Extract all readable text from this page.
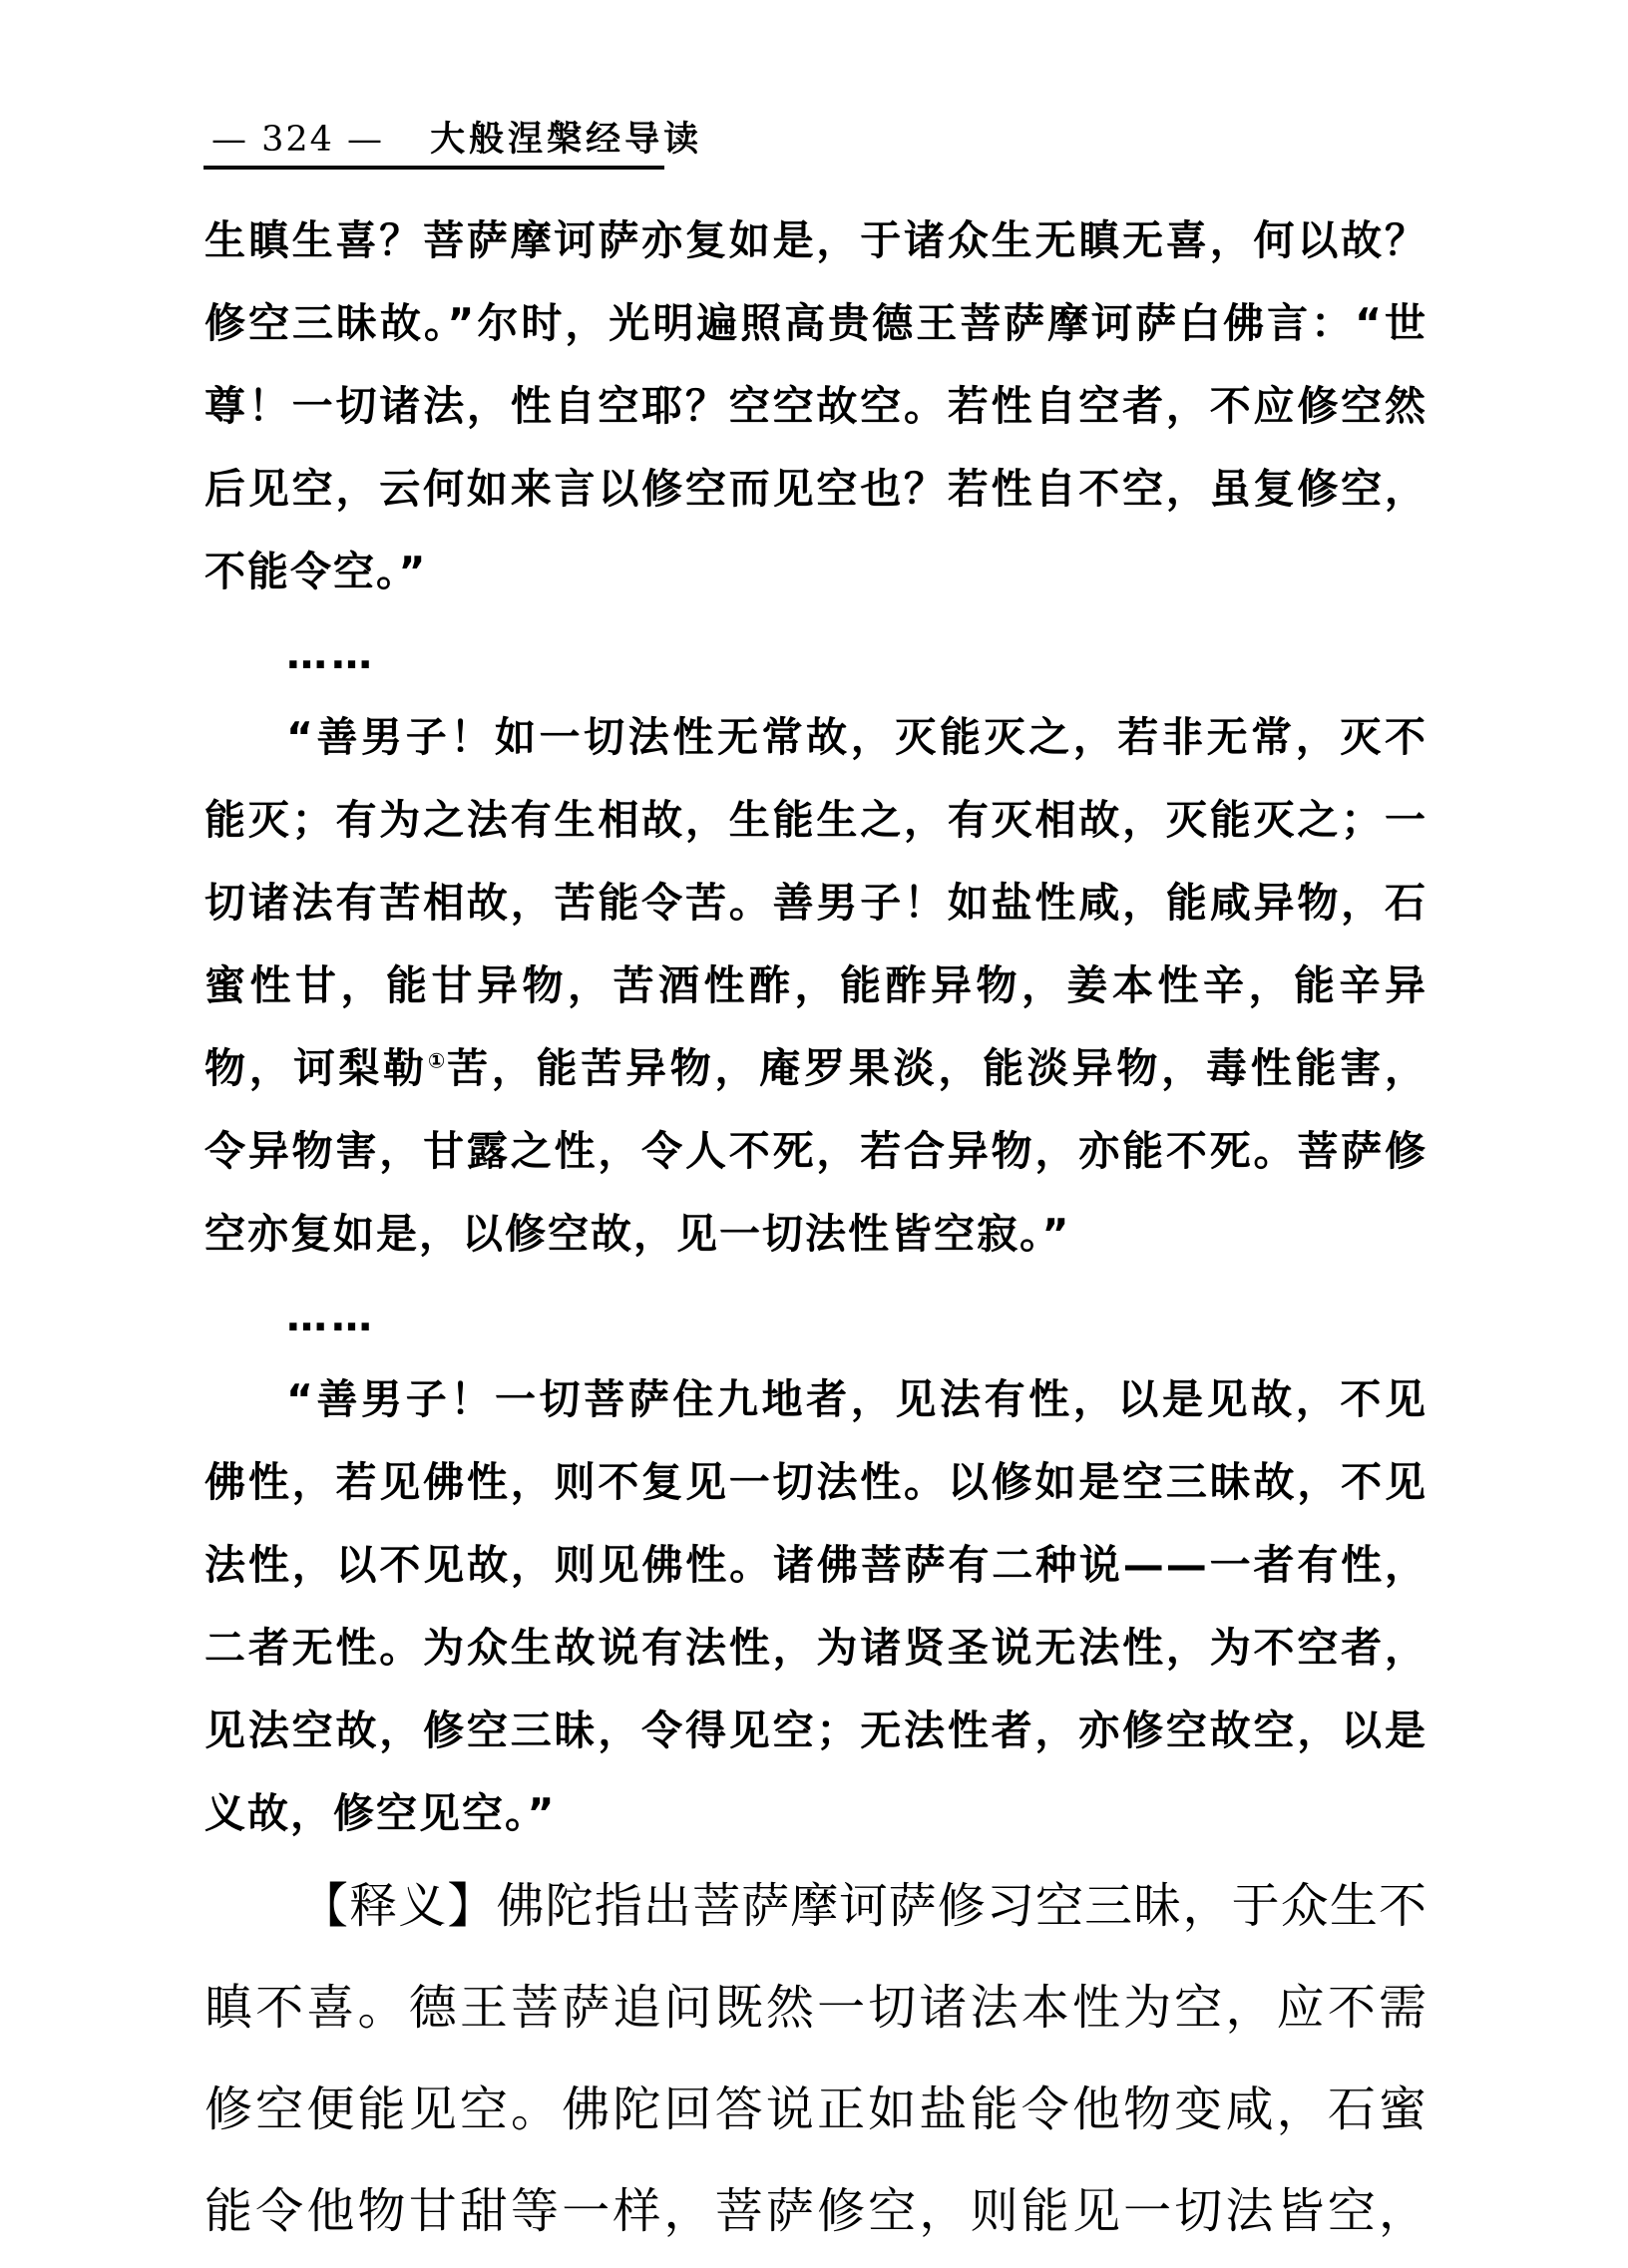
— 324 — 大般涅槃经导读
生瞋生喜？菩萨摩诃萨亦复如是，于诸众生无瞋无喜，何以故？
修空三昧故。”尔时，光明遍照高贵德王菩萨摩诃萨白佛言：“世
尊！一切诸法，性自空耶？空空故空。若性自空者，不应修空然
后见空，云何如来言以修空而见空也？若性自不空，虽复修空，
不能令空。”
……
“善男子！如一切法性无常故，灭能灭之，若非无常，灭不
能灭；有为之法有生相故，生能生之，有灭相故，灭能灭之；一
切诸法有苦相故，苦能令苦。善男子！如盐性咸，能咸异物，石
蜜性甘，能甘异物，苦酒性酢，能酢异物，姜本性辛，能辛异
物，诃梨勒①苦，能苦异物，庵罗果淡，能淡异物，毒性能害，
令异物害，甘露之性，令人不死，若合异物，亦能不死。菩萨修
空亦复如是，以修空故，见一切法性皆空寂。”
……
“善男子！一切菩萨住九地者，见法有性，以是见故，不见
佛性，若见佛性，则不复见一切法性。以修如是空三昧故，不见
法性，以不见故，则见佛性。诸佛菩萨有二种说——一者有性，
二者无性。为众生故说有法性，为诸贤圣说无法性，为不空者，
见法空故，修空三昧，令得见空；无法性者，亦修空故空，以是
义故，修空见空。”
【释义】佛陀指出菩萨摩诃萨修习空三昧，于众生不
瞋不喜。德王菩萨追问既然一切诸法本性为空，应不需
修空便能见空。佛陀回答说正如盐能令他物变咸，石蜜
能令他物甘甜等一样，菩萨修空，则能见一切法皆空，
